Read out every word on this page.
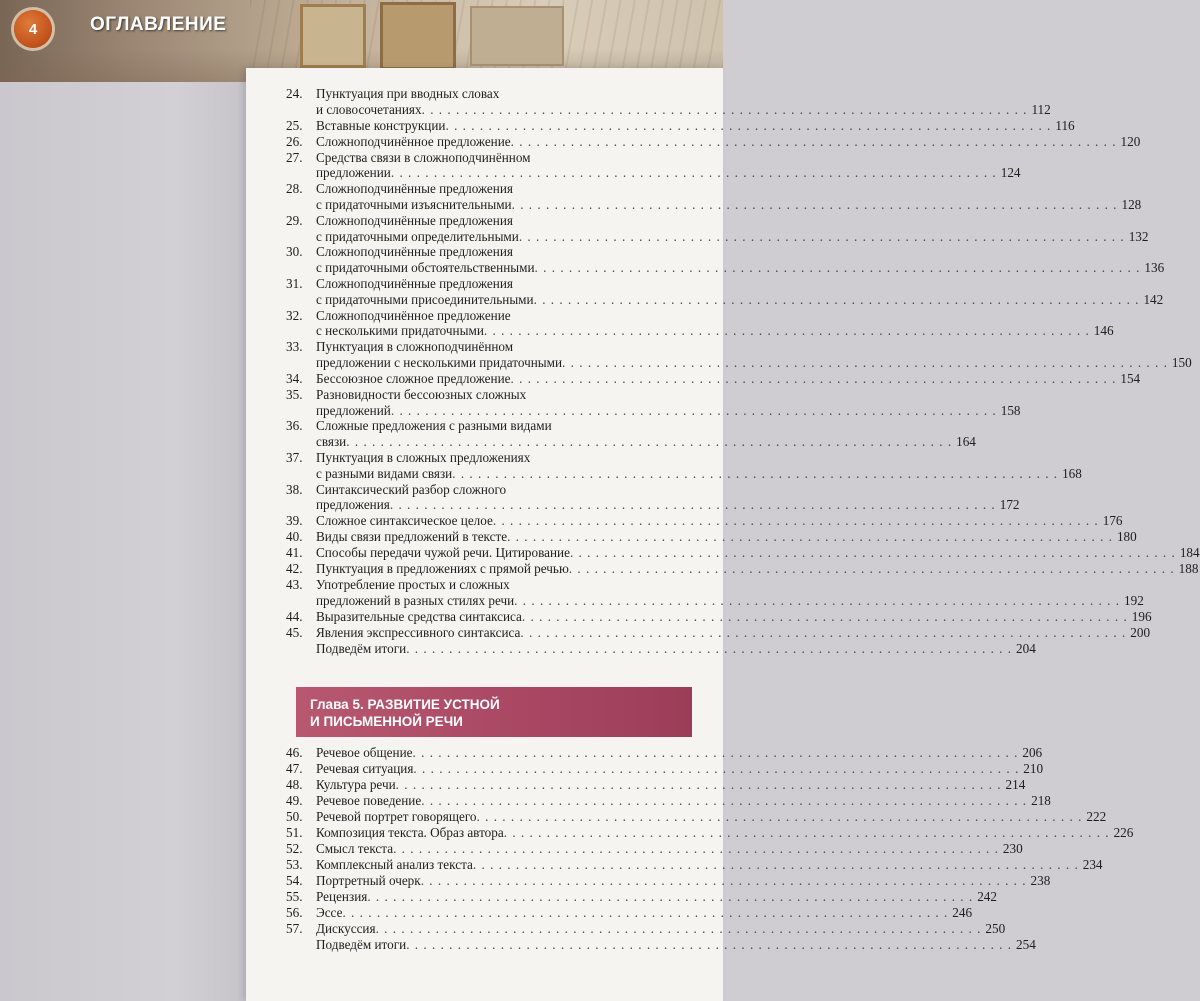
4	ОГЛАВЛЕНИЕ
24.	Пунктуация при вводных словах
и словосочетаниях . . .	112
25.	Вставные конструкции . . .	116
26.	Сложноподчинённое предложение . . .	120
27.	Средства связи в сложноподчинённом
предложении . . .	124
28.	Сложноподчинённые предложения
с придаточными изъяснительными . . .	128
29.	Сложноподчинённые предложения
с придаточными определительными . . .	132
30.	Сложноподчинённые предложения
с придаточными обстоятельственными . . .	136
31.	Сложноподчинённые предложения
с придаточными присоединительными . . .	142
32.	Сложноподчинённое предложение
с несколькими придаточными . . .	146
33.	Пунктуация в сложноподчинённом
предложении с несколькими придаточными . . .	150
34.	Бессоюзное сложное предложение . . .	154
35.	Разновидности бессоюзных сложных
предложений . . .	158
36.	Сложные предложения с разными видами
связи . . .	164
37.	Пунктуация в сложных предложениях
с разными видами связи . . .	168
38.	Синтаксический разбор сложного
предложения . . .	172
39.	Сложное синтаксическое целое . . .	176
40.	Виды связи предложений в тексте . . .	180
41.	Способы передачи чужой речи. Цитирование . . .	184
42.	Пунктуация в предложениях с прямой речью . . .	188
43.	Употребление простых и сложных
предложений в разных стилях речи . . .	192
44.	Выразительные средства синтаксиса . . .	196
45.	Явления экспрессивного синтаксиса . . .	200
Подведём итоги . . .	204
Глава 5. РАЗВИТИЕ УСТНОЙ
И ПИСЬМЕННОЙ РЕЧИ
46.	Речевое общение . . .	206
47.	Речевая ситуация . . .	210
48.	Культура речи . . .	214
49.	Речевое поведение . . .	218
50.	Речевой портрет говорящего . . .	222
51.	Композиция текста. Образ автора . . .	226
52.	Смысл текста . . .	230
53.	Комплексный анализ текста . . .	234
54.	Портретный очерк . . .	238
55.	Рецензия . . .	242
56.	Эссе . . .	246
57.	Дискуссия . . .	250
Подведём итоги . . .	254
